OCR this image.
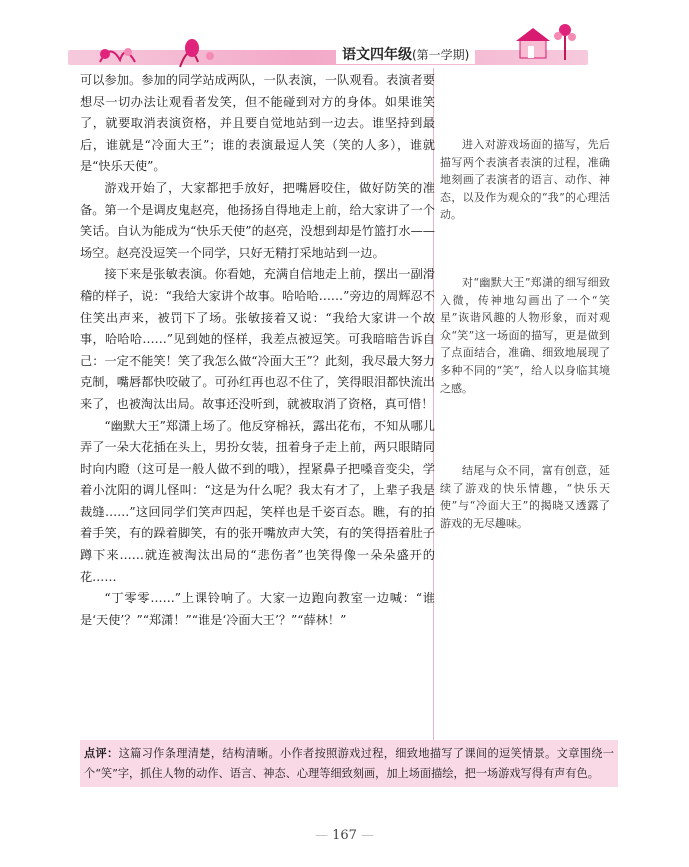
语文四年级(第一学期)

可以参加。参加的同学站成两队，一队表演，一队观看。表演者要想尽一切办法让观看者发笑，但不能碰到对方的身体。如果谁笑了，就要取消表演资格，并且要自觉地站到一边去。谁坚持到最后，谁就是“冷面大王”；谁的表演最逗人笑（笑的人多），谁就是“快乐天使”。

游戏开始了，大家都把手放好，把嘴唇咬住，做好防笑的准备。第一个是调皮鬼赵亮，他扬扬自得地走上前，给大家讲了一个笑话。自认为能成为“快乐天使”的赵亮，没想到却是竹篮打水——场空。赵亮没逗笑一个同学，只好无精打采地站到一边。

接下来是张敏表演。你看她，充满自信地走上前，摆出一副滑稽的样子，说：“我给大家讲个故事。哈哈哈……”旁边的周辉忍不住笑出声来，被罚下了场。张敏接着又说：“我给大家讲一个故事，哈哈哈……”见到她的怪样，我差点被逗笑。可我暗暗告诉自己：一定不能笑！笑了我怎么做“冷面大王”？此刻，我尽最大努力克制，嘴唇都快咬破了。可孙红再也忍不住了，笑得眼泪都快流出来了，也被淘汰出局。故事还没听到，就被取消了资格，真可惜！

“幽默大王”郑潇上场了。他反穿棉袄，露出花布，不知从哪儿弄了一朵大花插在头上，男扮女装，扭着身子走上前，两只眼睛同时向内瞪（这可是一般人做不到的哦），捏紧鼻子把嗓音变尖，学着小沈阳的调儿怪叫：“这是为什么呢？我太有才了，上辈子我是裁缝……”这回同学们笑声四起，笑样也是千姿百态。瞧，有的拍着手笑，有的跺着脚笑，有的张开嘴放声大笑，有的笑得捂着肚子蹲下来……就连被淘汰出局的“悲伤者”也笑得像一朵朵盛开的花……

“丁零零……”上课铃响了。大家一边跑向教室一边喊：“谁是‘天使’？”“郑潇！”“谁是‘冷面大王’？”“薛林！”

进入对游戏场面的描写，先后描写两个表演者表演的过程，准确地刻画了表演者的语言、动作、神态，以及作为观众的“我”的心理活动。

对“幽默大王”郑潇的细写细致入微，传神地勾画出了一个“笑星”诙谐风趣的人物形象，而对观众“笑”这一场面的描写，更是做到了点面结合，准确、细致地展现了多种不同的“笑”，给人以身临其境之感。

结尾与众不同，富有创意，延续了游戏的快乐情趣，“快乐天使”与“冷面大王”的揭晓又透露了游戏的无尽趣味。

点评：这篇习作条理清楚，结构清晰。小作者按照游戏过程，细致地描写了课间的逗笑情景。文章围绕一个“笑”字，抓住人物的动作、语言、神态、心理等细致刻画，加上场面描绘，把一场游戏写得有声有色。
— 167 —
